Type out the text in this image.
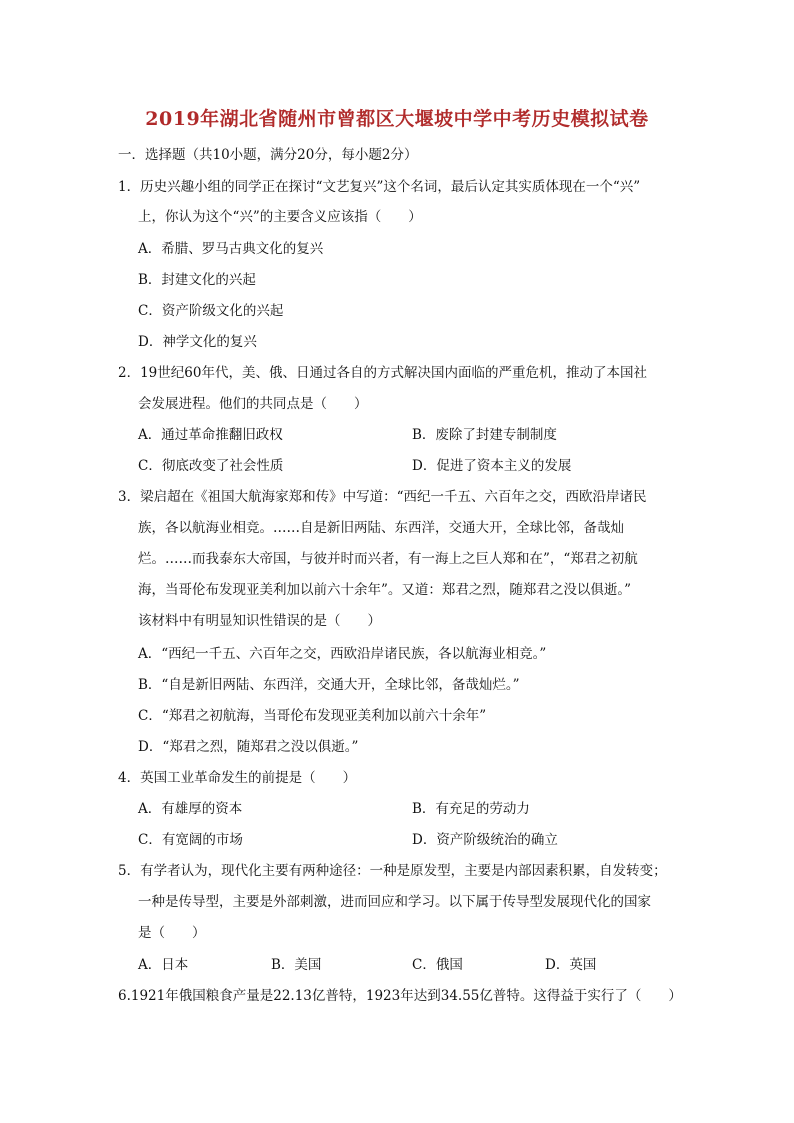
2019年湖北省随州市曾都区大堰坡中学中考历史模拟试卷
一．选择题（共10小题，满分20分，每小题2分）
1．历史兴趣小组的同学正在探讨“文艺复兴”这个名词，最后认定其实质体现在一个“兴”
上，你认为这个“兴”的主要含义应该指（　　）
A．希腊、罗马古典文化的复兴
B．封建文化的兴起
C．资产阶级文化的兴起
D．神学文化的复兴
2．19世纪60年代，美、俄、日通过各自的方式解决国内面临的严重危机，推动了本国社
会发展进程。他们的共同点是（　　）
A．通过革命推翻旧政权	B．废除了封建专制制度
C．彻底改变了社会性质	D．促进了资本主义的发展
3．梁启超在《祖国大航海家郑和传》中写道：“西纪一千五、六百年之交，西欧沿岸诸民
族，各以航海业相竞。……自是新旧两陆、东西洋，交通大开，全球比邻，备哉灿
烂。……而我泰东大帝国，与彼并时而兴者，有一海上之巨人郑和在”，“郑君之初航
海，当哥伦布发现亚美利加以前六十余年”。又道：郑君之烈，随郑君之没以俱逝。”
该材料中有明显知识性错误的是（　　）
A．“西纪一千五、六百年之交，西欧沿岸诸民族，各以航海业相竞。”
B．“自是新旧两陆、东西洋，交通大开，全球比邻，备哉灿烂。”
C．“郑君之初航海，当哥伦布发现亚美利加以前六十余年”
D．“郑君之烈，随郑君之没以俱逝。”
4．英国工业革命发生的前提是（　　）
A．有雄厚的资本	B．有充足的劳动力
C．有宽阔的市场	D．资产阶级统治的确立
5．有学者认为，现代化主要有两种途径：一种是原发型，主要是内部因素积累，自发转变；
一种是传导型，主要是外部刺激，进而回应和学习。以下属于传导型发展现代化的国家
是（　　）
A．日本	B．美国	C．俄国	D．英国
6.1921年俄国粮食产量是22.13亿普特，1923年达到34.55亿普特。这得益于实行了（　　）
